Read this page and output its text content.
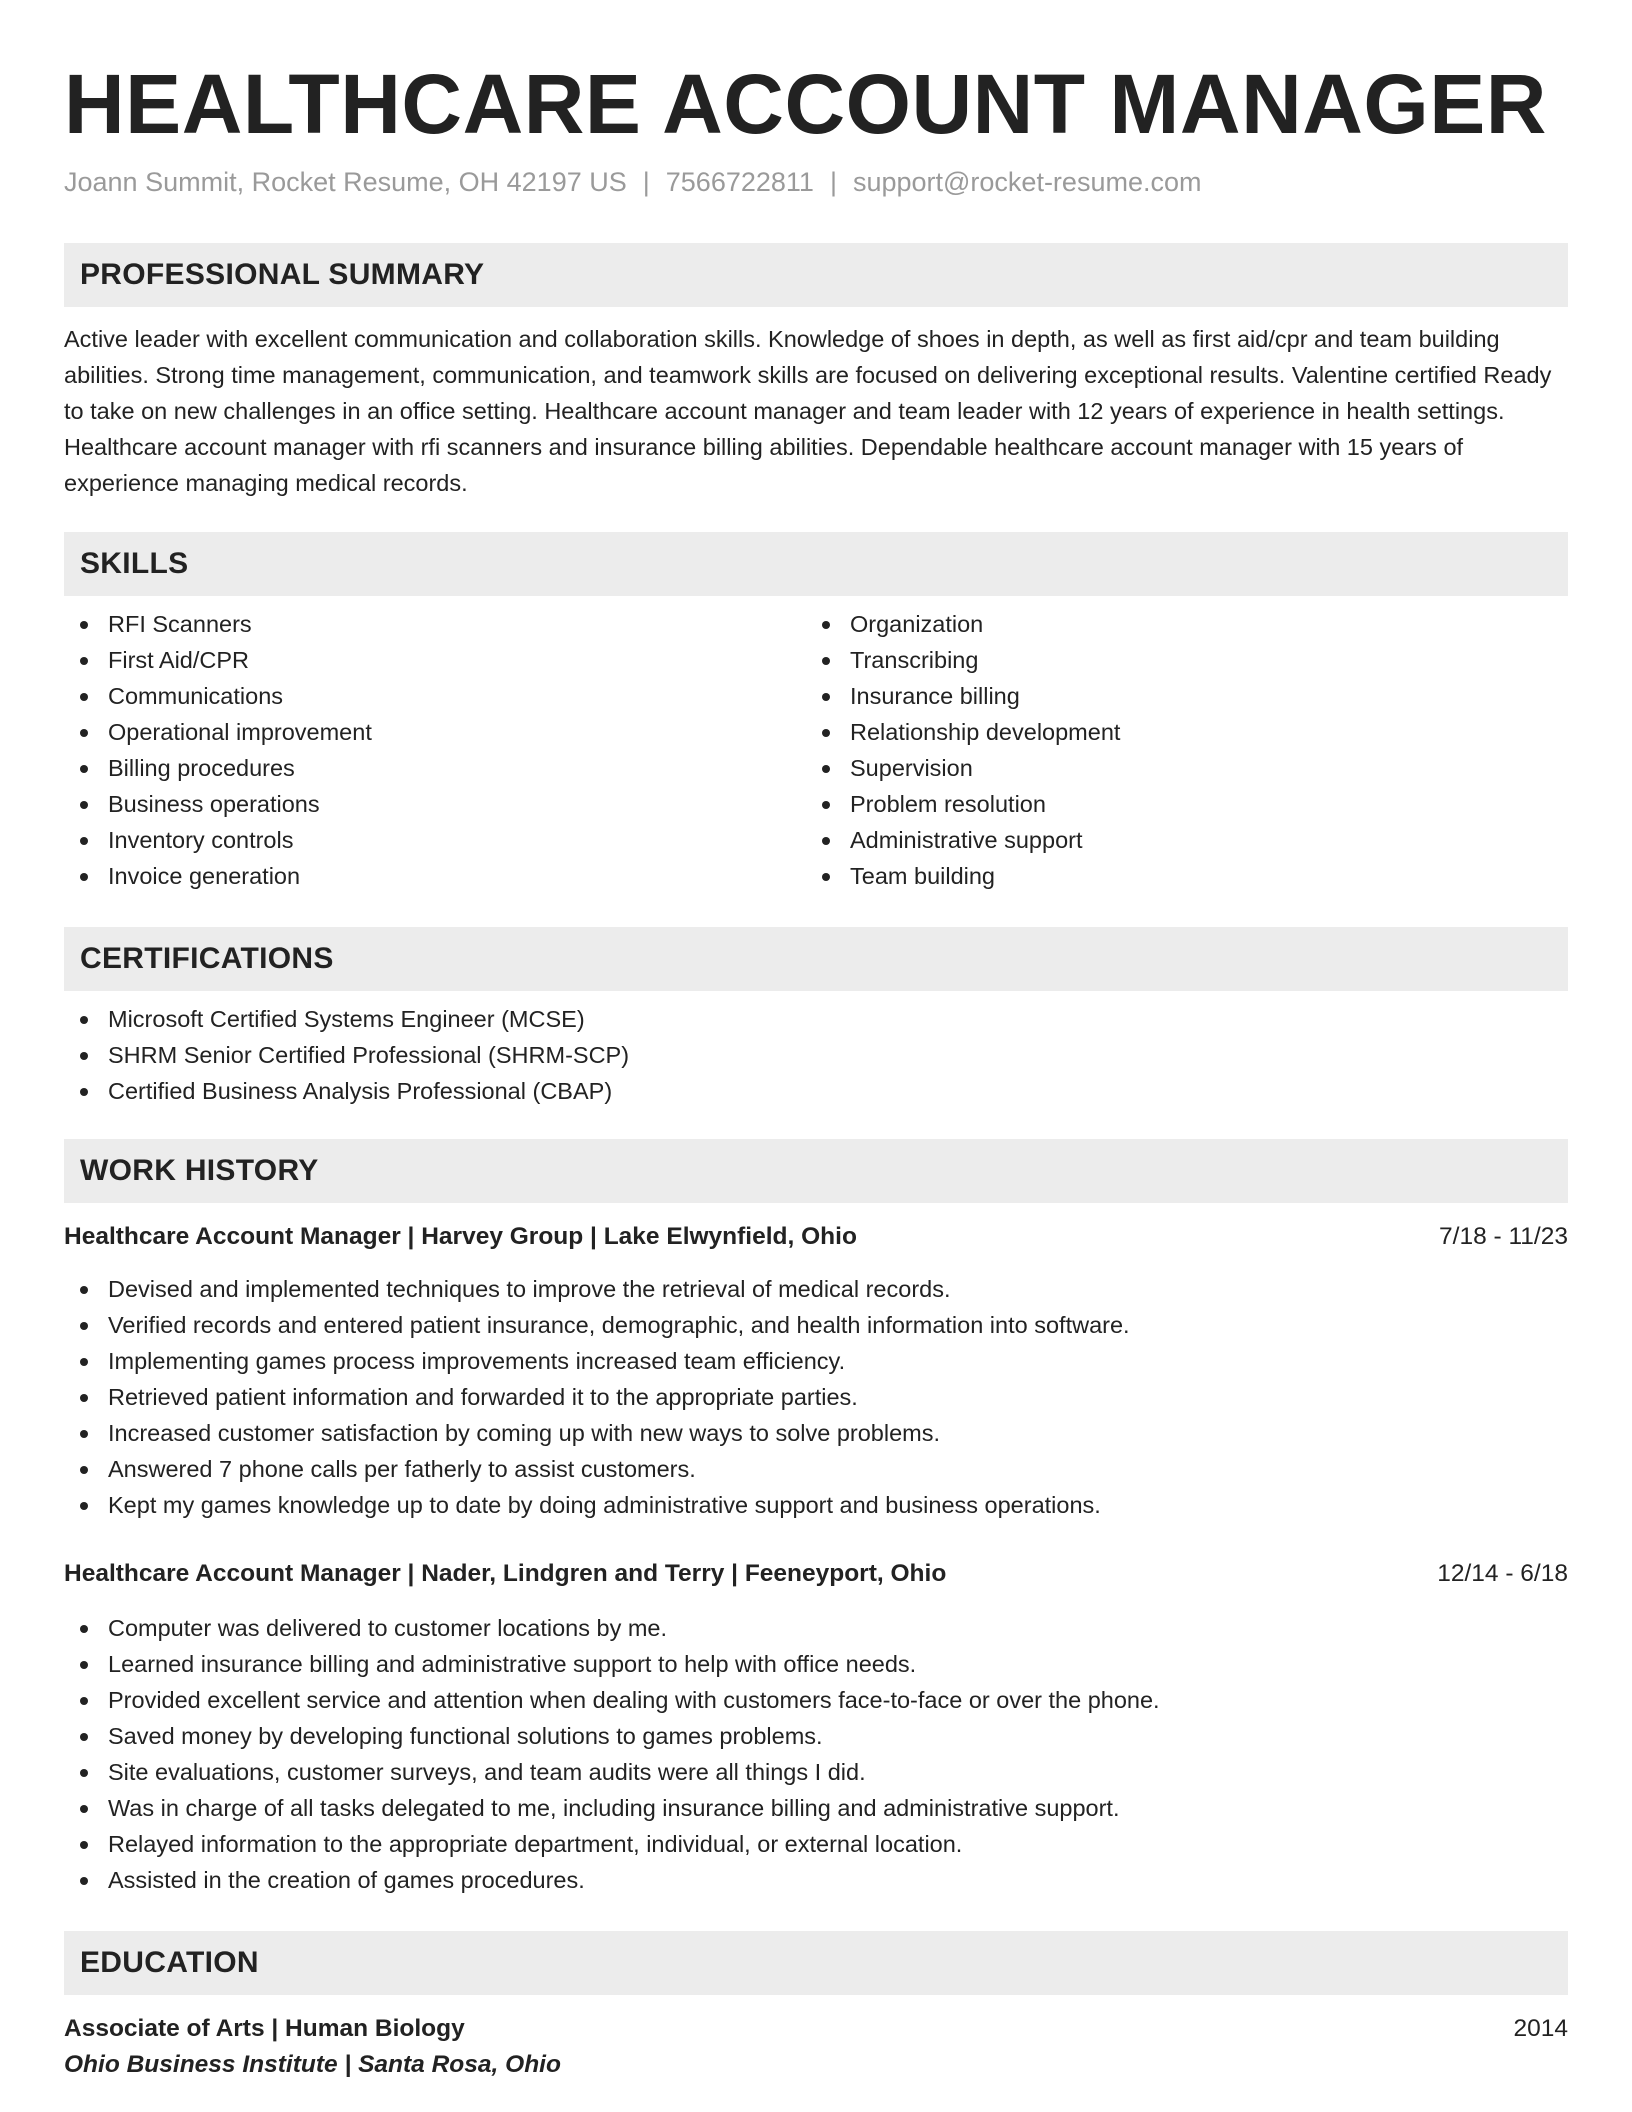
HEALTHCARE ACCOUNT MANAGER
Joann Summit, Rocket Resume, OH 42197 US | 7566722811 | support@rocket-resume.com
PROFESSIONAL SUMMARY

Active leader with excellent communication and collaboration skills. Knowledge of shoes in depth, as well as first aid/cpr and team building abilities. Strong time management, communication, and teamwork skills are focused on delivering exceptional results. Valentine certified Ready to take on new challenges in an office setting. Healthcare account manager and team leader with 12 years of experience in health settings. Healthcare account manager with rfi scanners and insurance billing abilities. Dependable healthcare account manager with 15 years of experience managing medical records.

SKILLS
RFI Scanners
First Aid/CPR
Communications
Operational improvement
Billing procedures
Business operations
Inventory controls
Invoice generation
Organization
Transcribing
Insurance billing
Relationship development
Supervision
Problem resolution
Administrative support
Team building
CERTIFICATIONS
Microsoft Certified Systems Engineer (MCSE)
SHRM Senior Certified Professional (SHRM-SCP)
Certified Business Analysis Professional (CBAP)
WORK HISTORY
Healthcare Account Manager | Harvey Group | Lake Elwynfield, Ohio	7/18 - 11/23
Devised and implemented techniques to improve the retrieval of medical records.
Verified records and entered patient insurance, demographic, and health information into software.
Implementing games process improvements increased team efficiency.
Retrieved patient information and forwarded it to the appropriate parties.
Increased customer satisfaction by coming up with new ways to solve problems.
Answered 7 phone calls per fatherly to assist customers.
Kept my games knowledge up to date by doing administrative support and business operations.
Healthcare Account Manager | Nader, Lindgren and Terry | Feeneyport, Ohio	12/14 - 6/18
Computer was delivered to customer locations by me.
Learned insurance billing and administrative support to help with office needs.
Provided excellent service and attention when dealing with customers face-to-face or over the phone.
Saved money by developing functional solutions to games problems.
Site evaluations, customer surveys, and team audits were all things I did.
Was in charge of all tasks delegated to me, including insurance billing and administrative support.
Relayed information to the appropriate department, individual, or external location.
Assisted in the creation of games procedures.
EDUCATION
Associate of Arts | Human Biology	2014
Ohio Business Institute | Santa Rosa, Ohio
